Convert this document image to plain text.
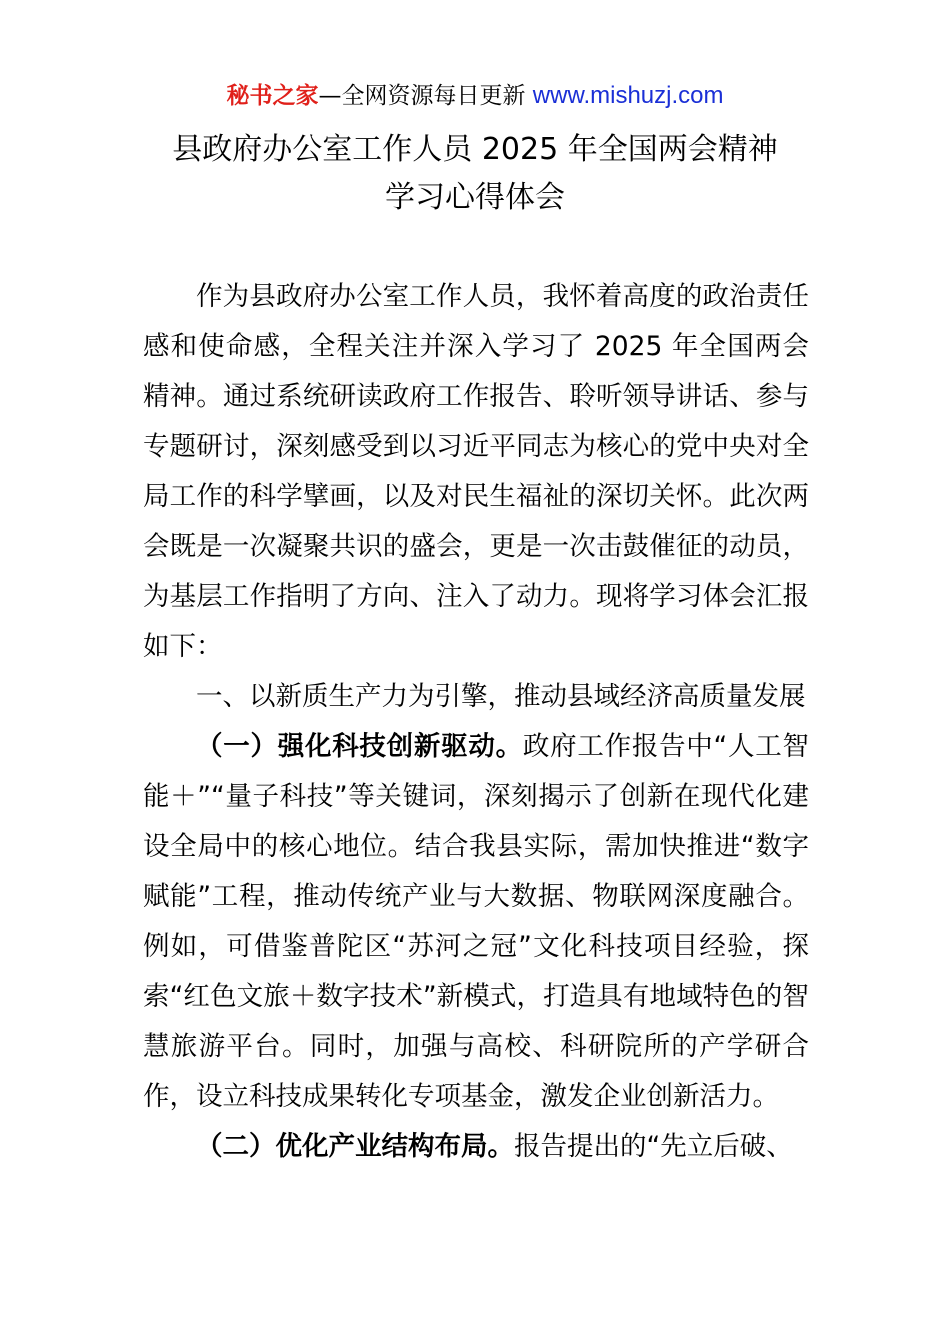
秘书之家—全网资源每日更新 www.mishuzj.com
县政府办公室工作人员 2025 年全国两会精神
学习心得体会

作为县政府办公室工作人员，我怀着高度的政治责任感和使命感，全程关注并深入学习了 2025 年全国两会精神。通过系统研读政府工作报告、聆听领导讲话、参与专题研讨，深刻感受到以习近平同志为核心的党中央对全局工作的科学擘画，以及对民生福祉的深切关怀。此次两会既是一次凝聚共识的盛会，更是一次击鼓催征的动员，为基层工作指明了方向、注入了动力。现将学习体会汇报如下：

一、以新质生产力为引擎，推动县域经济高质量发展

（一）强化科技创新驱动。政府工作报告中“人工智能＋”“量子科技”等关键词，深刻揭示了创新在现代化建设全局中的核心地位。结合我县实际，需加快推进“数字赋能”工程，推动传统产业与大数据、物联网深度融合。例如，可借鉴普陀区“苏河之冠”文化科技项目经验，探索“红色文旅＋数字技术”新模式，打造具有地域特色的智慧旅游平台。同时，加强与高校、科研院所的产学研合作，设立科技成果转化专项基金，激发企业创新活力。

（二）优化产业结构布局。报告提出的“先立后破、
